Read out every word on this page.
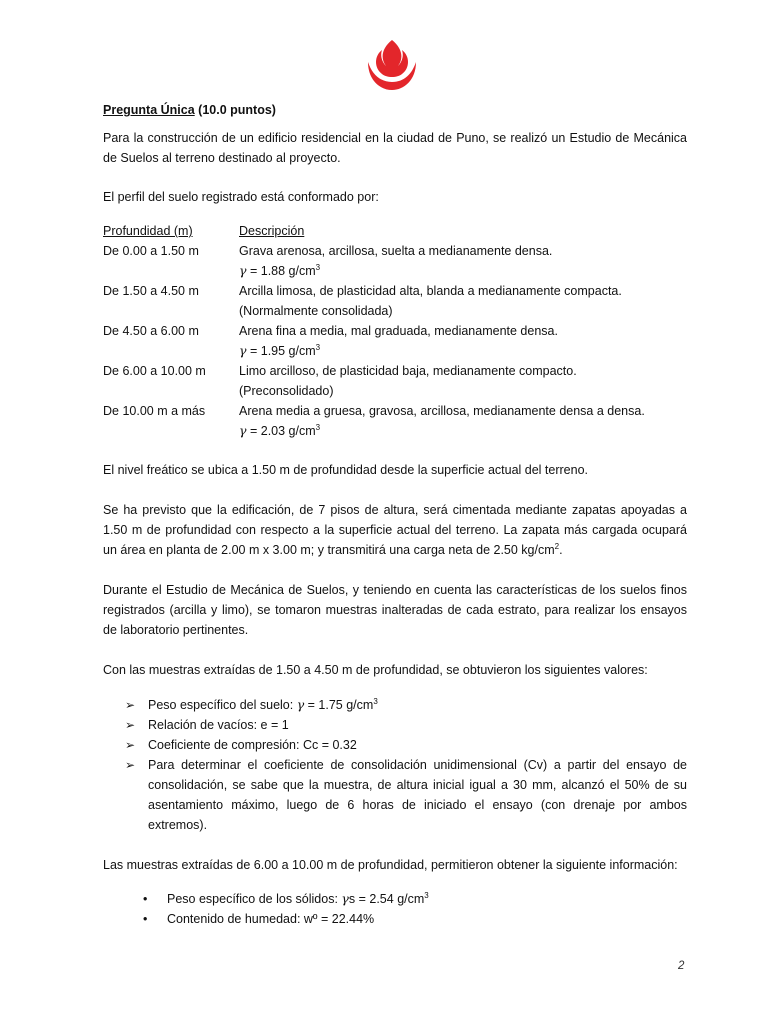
Pregunta Única (10.0 puntos)

Para la construcción de un edificio residencial en la ciudad de Puno, se realizó un Estudio de Mecánica de Suelos al terreno destinado al proyecto.

El perfil del suelo registrado está conformado por:

Profundidad (m)	Descripción
De 0.00 a 1.50 m	Grava arenosa, arcillosa, suelta a medianamente densa.
γ = 1.88 $g/cm^3$

De 1.50 a 4.50 m	Arcilla limosa, de plasticidad alta, blanda a medianamente compacta.
(Normalmente consolidada)

De 4.50 a 6.00 m	Arena fina a media, mal graduada, medianamente densa.
γ = 1.95 $g/cm^3$

De 6.00 a 10.00 m	Limo arcilloso, de plasticidad baja, medianamente compacto.
(Preconsolidado)

De 10.00 m a más	Arena media a gruesa, gravosa, arcillosa, medianamente densa a densa.
γ = 2.03 $g/cm^3$

El nivel freático se ubica a 1.50 m de profundidad desde la superficie actual del terreno.

Se ha previsto que la edificación, de 7 pisos de altura, será cimentada mediante zapatas apoyadas a 1.50 m de profundidad con respecto a la superficie actual del terreno. La zapata más cargada ocupará un área en planta de 2.00 m x 3.00 m; y transmitirá una carga neta de 2.50 $kg/cm^2$.

Durante el Estudio de Mecánica de Suelos, y teniendo en cuenta las características de los suelos finos registrados (arcilla y limo), se tomaron muestras inalteradas de cada estrato, para realizar los ensayos de laboratorio pertinentes.

Con las muestras extraídas de 1.50 a 4.50 m de profundidad, se obtuvieron los siguientes valores:

➢ Peso específico del suelo: γ = 1.75 $g/cm^3$
➢ Relación de vacíos: e = 1
➢ Coeficiente de compresión: Cc = 0.32
➢ Para determinar el coeficiente de consolidación unidimensional (Cv) a partir del ensayo de consolidación, se sabe que la muestra, de altura inicial igual a 30 mm, alcanzó el 50% de su asentamiento máximo, luego de 6 horas de iniciado el ensayo (con drenaje por ambos extremos).

Las muestras extraídas de 6.00 a 10.00 m de profundidad, permitieron obtener la siguiente información:

• Peso específico de los sólidos: γs = 2.54 $g/cm^3$
• Contenido de humedad: wº = 22.44%
2
